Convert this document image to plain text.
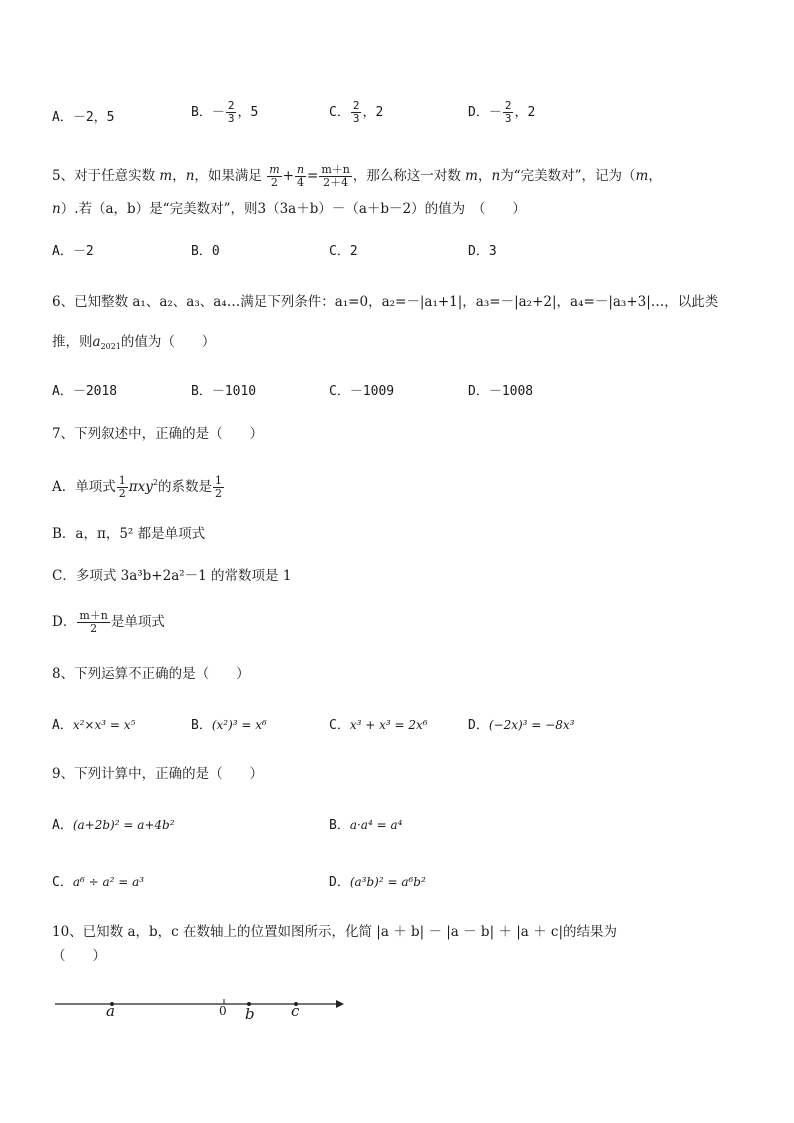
A．－2，5	B．－ $\frac{2}{3}$ ，5	C． $\frac{2}{3}$ ，2	D．－ $\frac{2}{3}$ ，2
5、对于任意实数 m，n，如果满足 $\frac{m}{2} + \frac{n}{4} = \frac{m+n}{2+4}$ ，那么称这一对数 m，n为“完美数对”，记为（m，
n）.若（a，b）是“完美数对”，则3（3a＋b）－（a＋b－2）的值为　（　　）
A．－2	B．0	C．2	D．3
6、已知整数 a₁、a₂、a₃、a₄…满足下列条件：a₁=0，a₂=－|a₁+1|，a₃=－|a₂+2|，a₄=－|a₃+3|…，以此类
推，则$a_{2021}$的值为（　　）
A．－2018	B．－1010	C．－1009	D．－1008
7、下列叙述中，正确的是（　　）
A．单项式 $\frac{1}{2} \pi xy^2$的系数是 $\frac{1}{2}$
B．a，π，5² 都是单项式
C．多项式 3a³b+2a²－1 的常数项是 1
D． $\frac{m+n}{2}$ 是单项式
8、下列运算不正确的是（　　）
A．x²×x³ = x⁵	B．(x²)³ = x⁶	C．x³ + x³ = 2x⁶	D．(−2x)³ = −8x³
9、下列计算中，正确的是（　　）
A．(a+2b)² = a+4b²	B．a·a⁴ = a⁴
C．a⁶ ÷ a² = a³	D．(a³b)² = a⁶b²
10、已知数 a，b，c 在数轴上的位置如图所示，化简 |a ＋ b| － |a － b| ＋ |a ＋ c|的结果为
（　　）
a	0 b c
